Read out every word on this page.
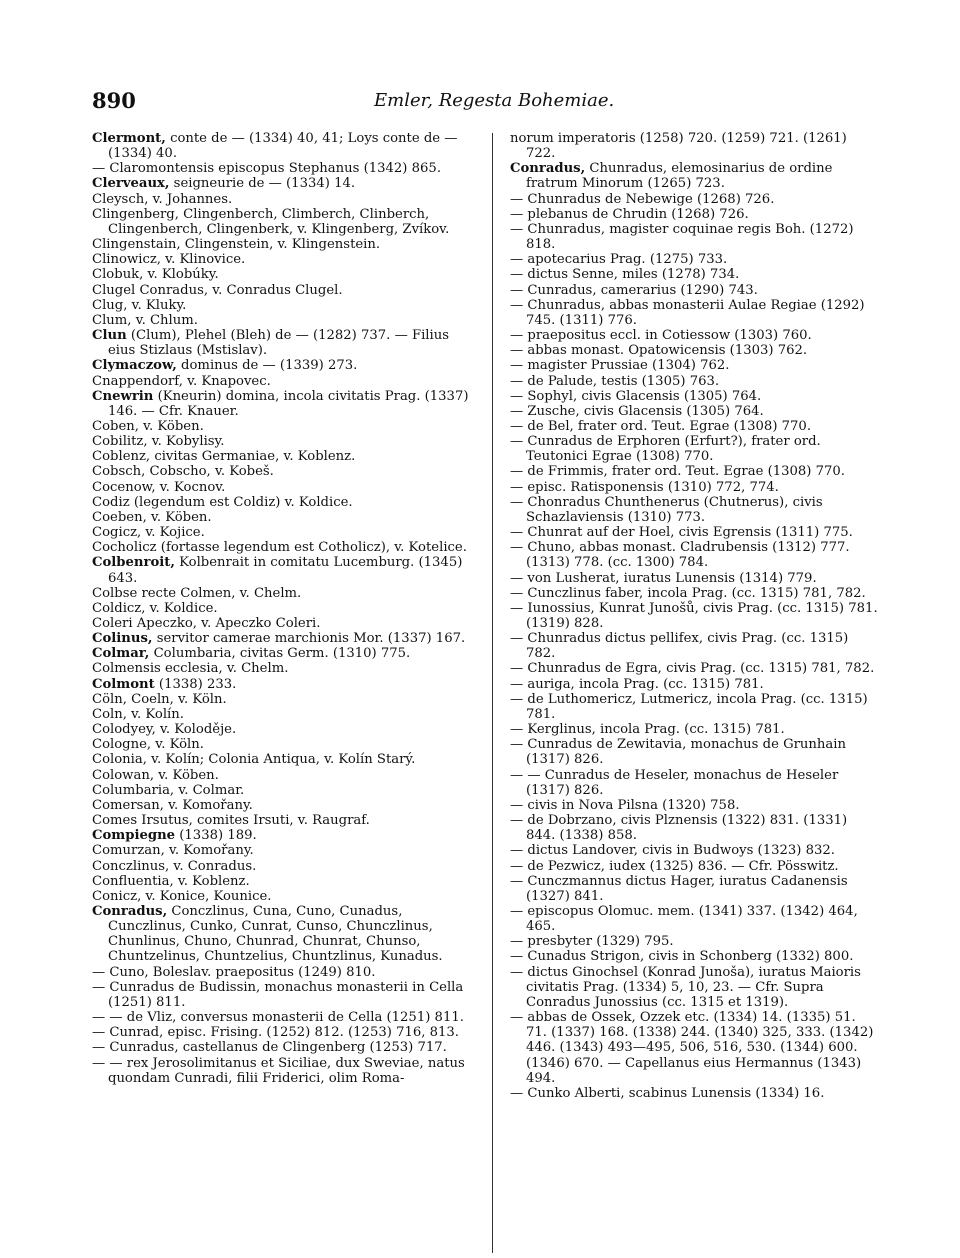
890	Emler, Regesta Bohemiae.

Clermont, conte de — (1334) 40, 41; Loys conte de — (1334) 40.

— Claromontensis episcopus Stephanus (1342) 865.

Clerveaux, seigneurie de — (1334) 14.

Cleysch, v. Johannes.

Clingenberg, Clingenberch, Climberch, Clinberch, Clingenberch, Clingenberk, v. Klingenberg, Zvíkov.

Clingenstain, Clingenstein, v. Klingenstein.

Clinowicz, v. Klinovice.

Clobuk, v. Klobúky.

Clugel Conradus, v. Conradus Clugel.

Clug, v. Kluky.

Clum, v. Chlum.

Clun (Clum), Plehel (Bleh) de — (1282) 737. — Filius eius Stizlaus (Mstislav).

Clymaczow, dominus de — (1339) 273.

Cnappendorf, v. Knapovec.

Cnewrin (Kneurin) domina, incola civitatis Prag. (1337) 146. — Cfr. Knauer.

Coben, v. Köben.

Cobilitz, v. Kobylisy.

Coblenz, civitas Germaniae, v. Koblenz.

Cobsch, Cobscho, v. Kobeš.

Cocenow, v. Kocnov.

Codiz (legendum est Coldiz) v. Koldice.

Coeben, v. Köben.

Cogicz, v. Kojice.

Cocholicz (fortasse legendum est Cotholicz), v. Kotelice.

Colbenroit, Kolbenrait in comitatu Lucemburg. (1345) 643.

Colbse recte Colmen, v. Chelm.

Coldicz, v. Koldice.

Coleri Apeczko, v. Apeczko Coleri.

Colinus, servitor camerae marchionis Mor. (1337) 167.

Colmar, Columbaria, civitas Germ. (1310) 775.

Colmensis ecclesia, v. Chelm.

Colmont (1338) 233.

Cöln, Coeln, v. Köln.

Coln, v. Kolín.

Colodyey, v. Koloděje.

Cologne, v. Köln.

Colonia, v. Kolín; Colonia Antiqua, v. Kolín Starý.

Colowan, v. Köben.

Columbaria, v. Colmar.

Comersan, v. Komořany.

Comes Irsutus, comites Irsuti, v. Raugraf.

Compiegne (1338) 189.

Comurzan, v. Komořany.

Conczlinus, v. Conradus.

Confluentia, v. Koblenz.

Conicz, v. Konice, Kounice.

Conradus, Conczlinus, Cuna, Cuno, Cunadus, Cunczlinus, Cunko, Cunrat, Cunso, Chunczlinus, Chunlinus, Chuno, Chunrad, Chunrat, Chunso, Chuntzelinus, Chuntzelius, Chuntzlinus, Kunadus.

— Cuno, Boleslav. praepositus (1249) 810.

— Cunradus de Budissin, monachus monasterii in Cella (1251) 811.

— — de Vliz, conversus monasterii de Cella (1251) 811.

— Cunrad, episc. Frising. (1252) 812. (1253) 716, 813.

— Cunradus, castellanus de Clingenberg (1253) 717.

— — rex Jerosolimitanus et Siciliae, dux Sweviae, natus quondam Cunradi, filii Friderici, olim Roma-

norum imperatoris (1258) 720. (1259) 721. (1261) 722.

Conradus, Chunradus, elemosinarius de ordine fratrum Minorum (1265) 723.

— Chunradus de Nebewige (1268) 726.

— plebanus de Chrudin (1268) 726.

— Chunradus, magister coquinae regis Boh. (1272) 818.

— apotecarius Prag. (1275) 733.

— dictus Senne, miles (1278) 734.

— Cunradus, camerarius (1290) 743.

— Chunradus, abbas monasterii Aulae Regiae (1292) 745. (1311) 776.

— praepositus eccl. in Cotiessow (1303) 760.

— abbas monast. Opatowicensis (1303) 762.

— magister Prussiae (1304) 762.

— de Palude, testis (1305) 763.

— Sophyl, civis Glacensis (1305) 764.

— Zusche, civis Glacensis (1305) 764.

— de Bel, frater ord. Teut. Egrae (1308) 770.

— Cunradus de Erphoren (Erfurt?), frater ord. Teutonici Egrae (1308) 770.

— de Frimmis, frater ord. Teut. Egrae (1308) 770.

— episc. Ratisponensis (1310) 772, 774.

— Chonradus Chunthenerus (Chutnerus), civis Schazlaviensis (1310) 773.

— Chunrat auf der Hoel, civis Egrensis (1311) 775.

— Chuno, abbas monast. Cladrubensis (1312) 777. (1313) 778. (cc. 1300) 784.

— von Lusherat, iuratus Lunensis (1314) 779.

— Cunczlinus faber, incola Prag. (cc. 1315) 781, 782.

— Iunossius, Kunrat Junošů, civis Prag. (cc. 1315) 781. (1319) 828.

— Chunradus dictus pellifex, civis Prag. (cc. 1315) 782.

— Chunradus de Egra, civis Prag. (cc. 1315) 781, 782.

— auriga, incola Prag. (cc. 1315) 781.

— de Luthomericz, Lutmericz, incola Prag. (cc. 1315) 781.

— Kerglinus, incola Prag. (cc. 1315) 781.

— Cunradus de Zewitavia, monachus de Grunhain (1317) 826.

— — Cunradus de Heseler, monachus de Heseler (1317) 826.

— civis in Nova Pilsna (1320) 758.

— de Dobrzano, civis Plznensis (1322) 831. (1331) 844. (1338) 858.

— dictus Landover, civis in Budwoys (1323) 832.

— de Pezwicz, iudex (1325) 836. — Cfr. Pösswitz.

— Cunczmannus dictus Hager, iuratus Cadanensis (1327) 841.

— episcopus Olomuc. mem. (1341) 337. (1342) 464, 465.

— presbyter (1329) 795.

— Cunadus Strigon, civis in Schonberg (1332) 800.

— dictus Ginochsel (Konrad Junoša), iuratus Maioris civitatis Prag. (1334) 5, 10, 23. — Cfr. Supra Conradus Junossius (cc. 1315 et 1319).

— abbas de Ossek, Ozzek etc. (1334) 14. (1335) 51. 71. (1337) 168. (1338) 244. (1340) 325, 333. (1342) 446. (1343) 493—495, 506, 516, 530. (1344) 600. (1346) 670. — Capellanus eius Hermannus (1343) 494.

— Cunko Alberti, scabinus Lunensis (1334) 16.
